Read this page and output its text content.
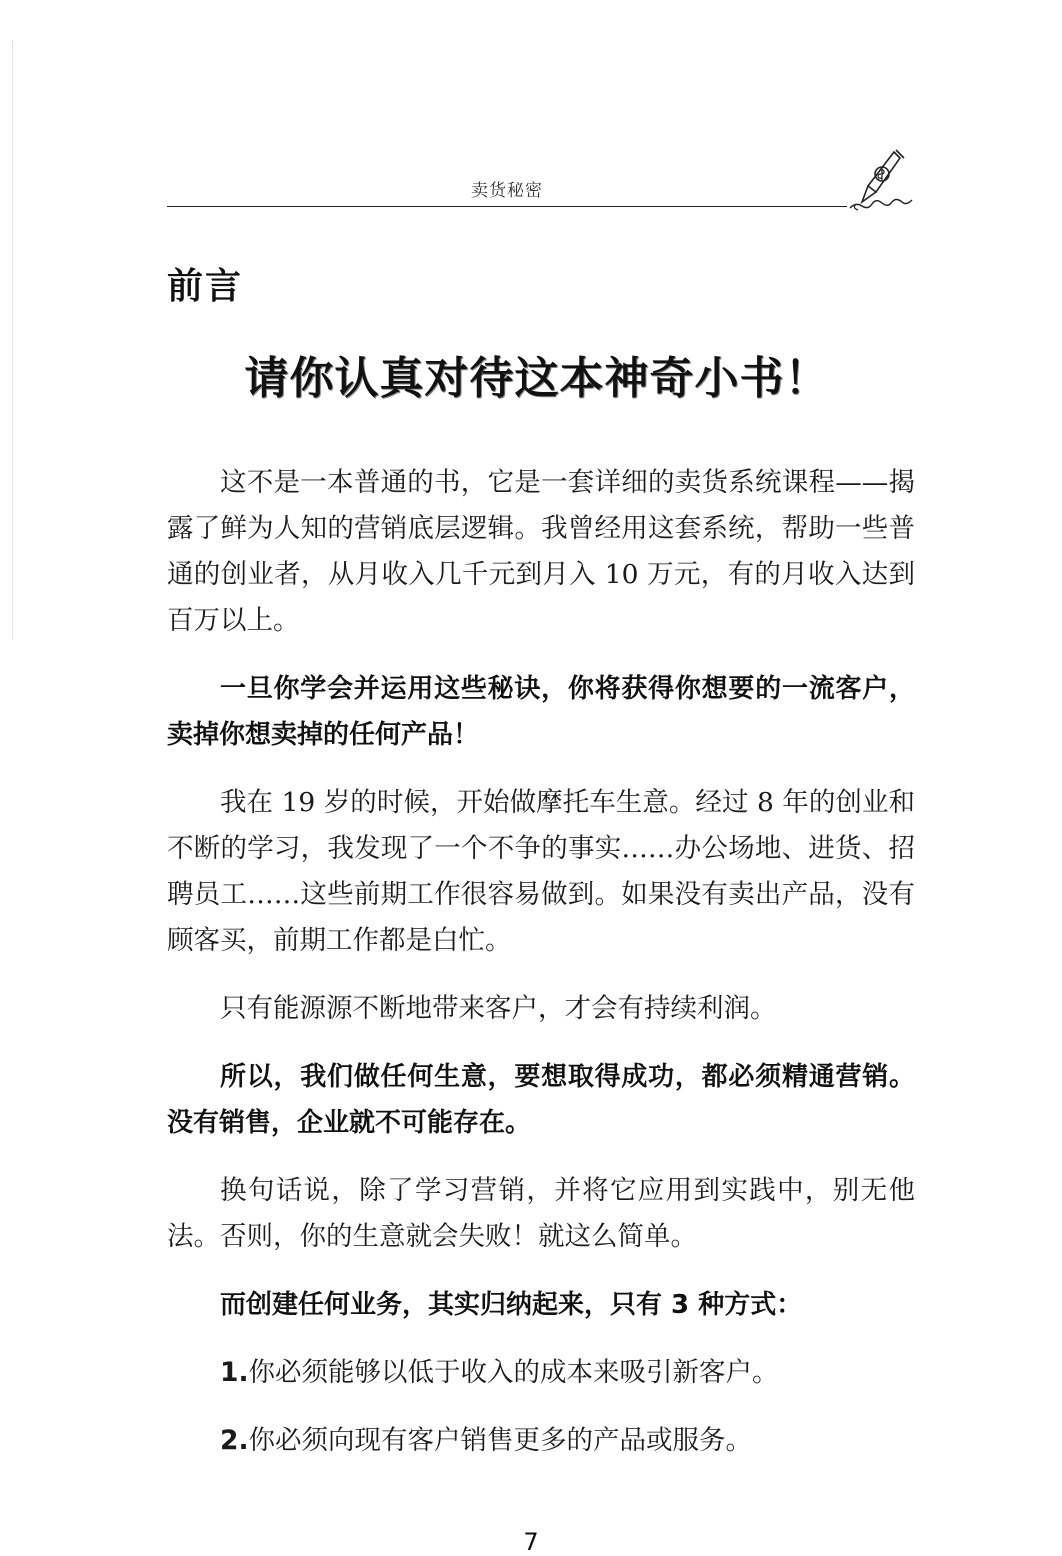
卖货秘密
前言
请你认真对待这本神奇小书！

这不是一本普通的书，它是一套详细的卖货系统课程——揭露了鲜为人知的营销底层逻辑。我曾经用这套系统，帮助一些普通的创业者，从月收入几千元到月入 10 万元，有的月收入达到百万以上。

一旦你学会并运用这些秘诀，你将获得你想要的一流客户，卖掉你想卖掉的任何产品！

我在 19 岁的时候，开始做摩托车生意。经过 8 年的创业和不断的学习，我发现了一个不争的事实……办公场地、进货、招聘员工……这些前期工作很容易做到。如果没有卖出产品，没有顾客买，前期工作都是白忙。

只有能源源不断地带来客户，才会有持续利润。

所以，我们做任何生意，要想取得成功，都必须精通营销。没有销售，企业就不可能存在。

换句话说，除了学习营销，并将它应用到实践中，别无他法。否则，你的生意就会失败！就这么简单。

而创建任何业务，其实归纳起来，只有 3 种方式：

1.你必须能够以低于收入的成本来吸引新客户。

2.你必须向现有客户销售更多的产品或服务。

7
